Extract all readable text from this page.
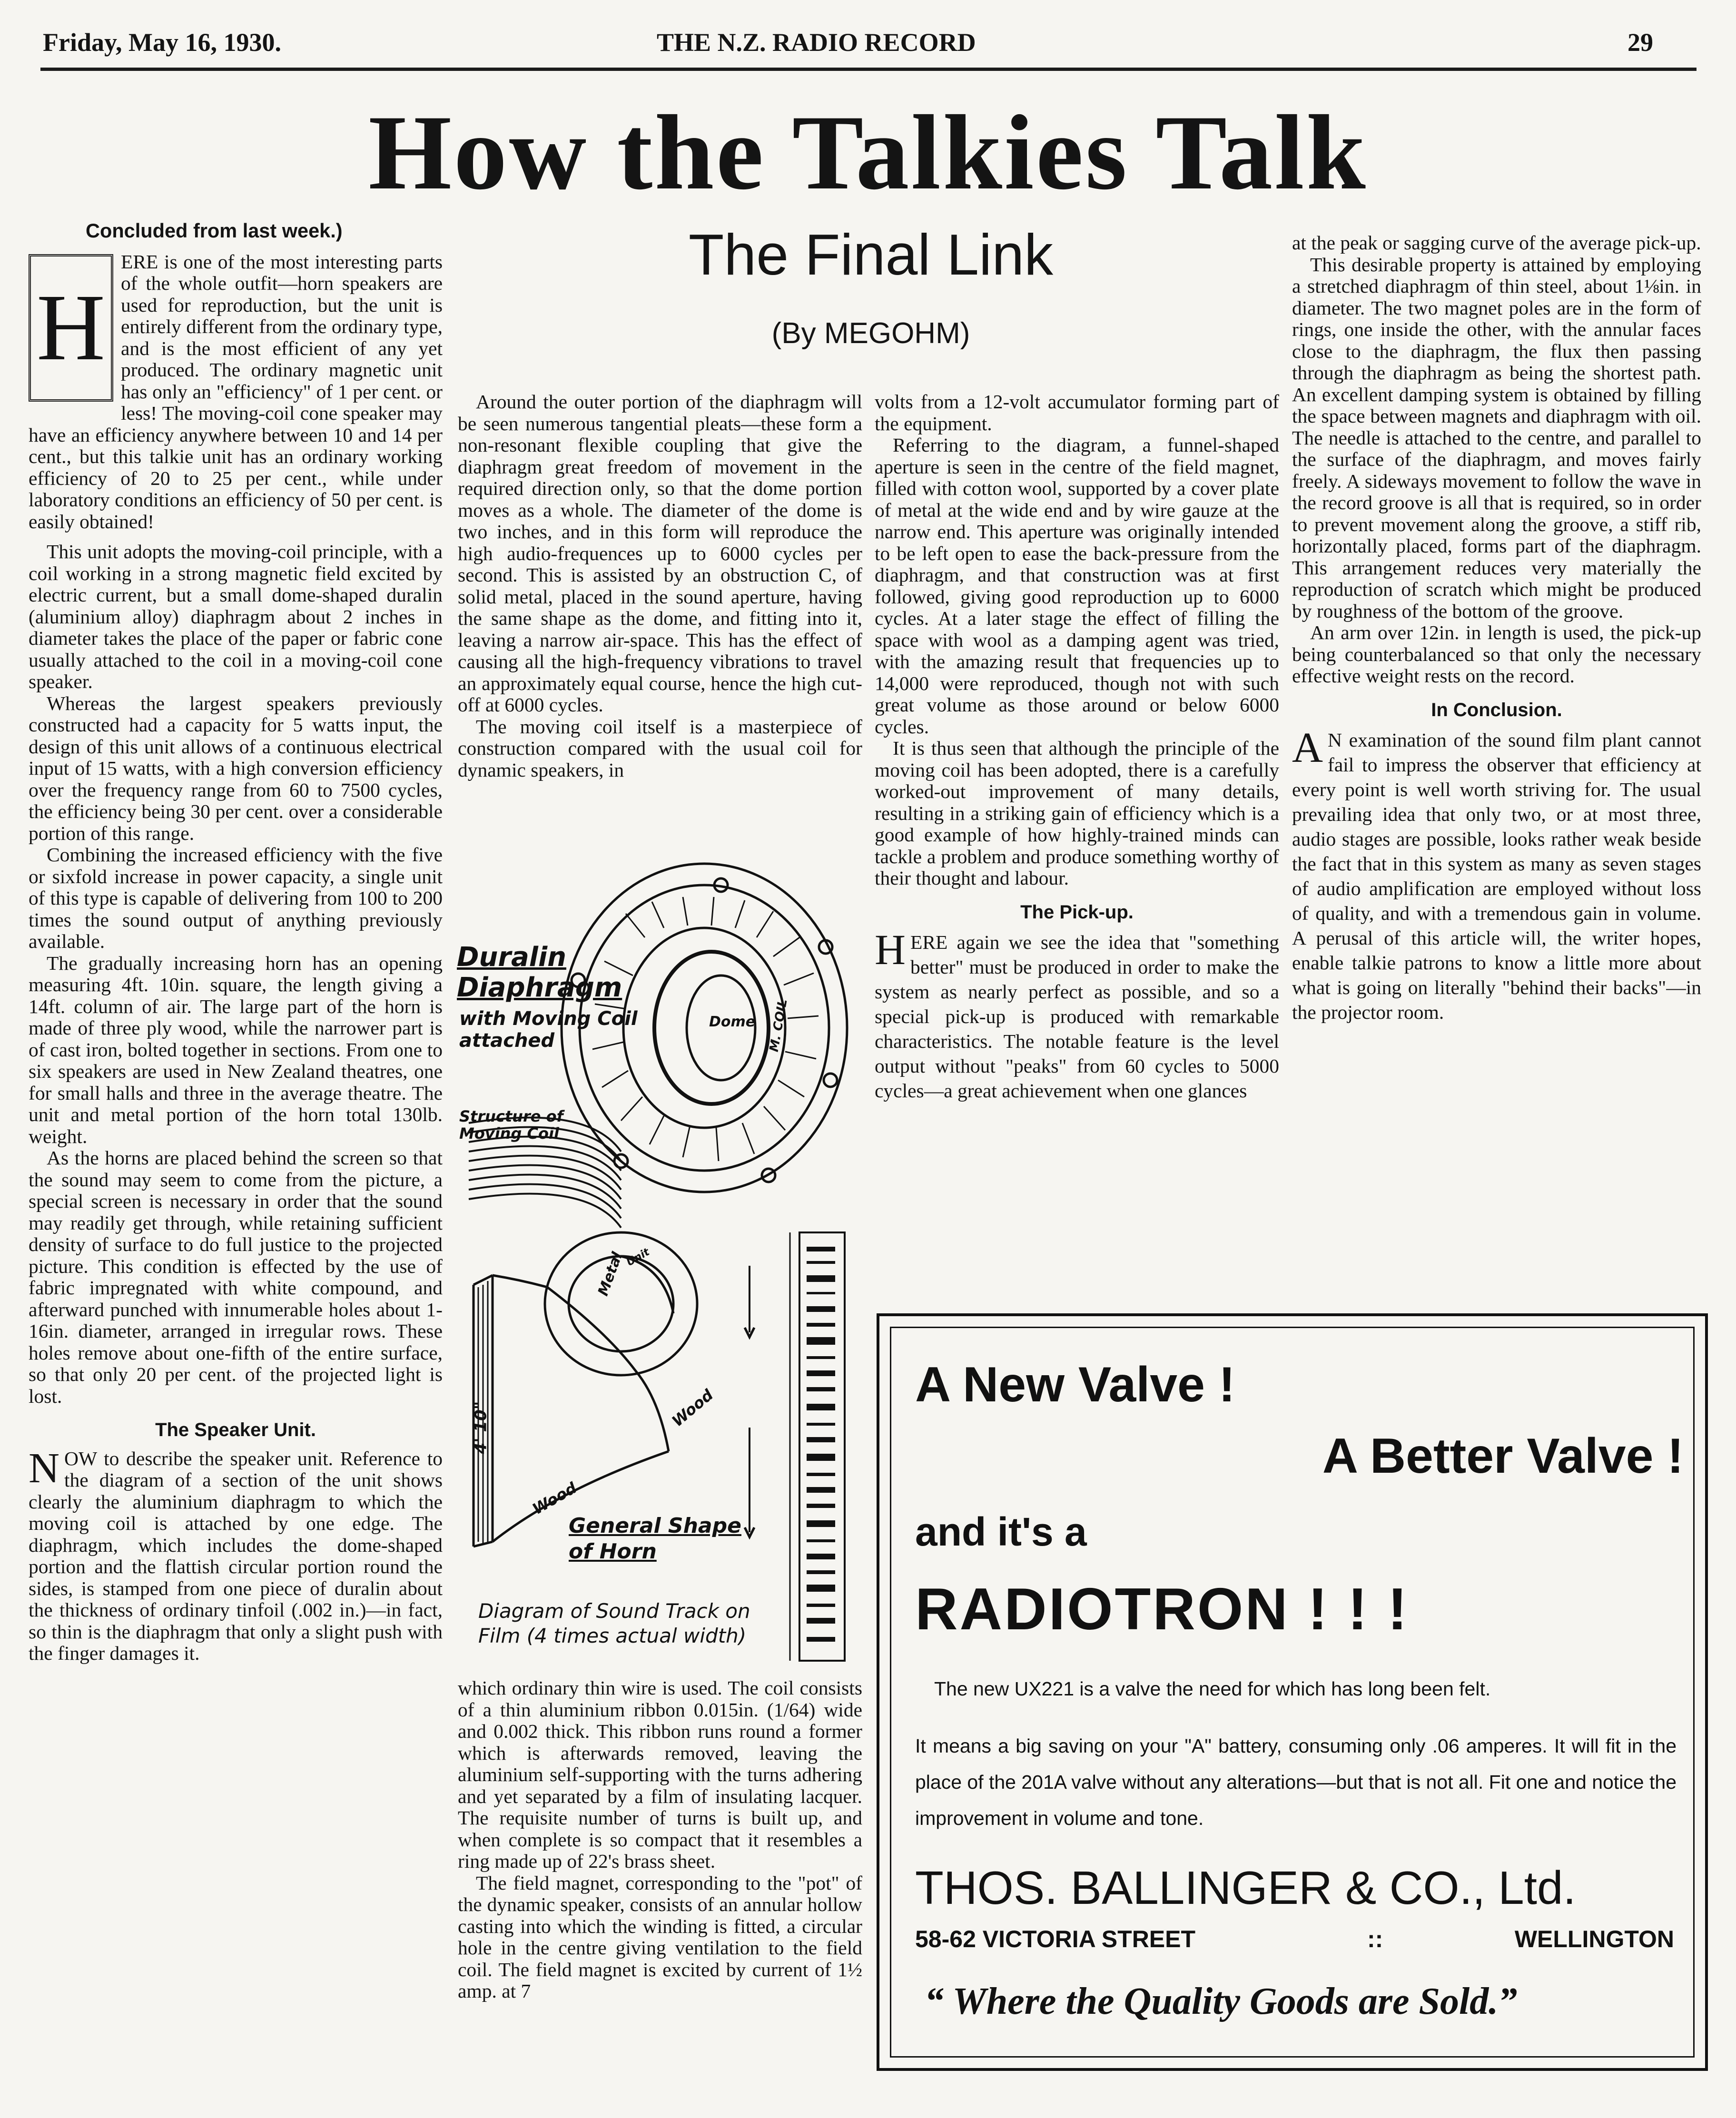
Friday, May 16, 1930.	THE N.Z. RADIO RECORD	29
How the Talkies Talk
The Final Link
(By MEGOHM)

Concluded from last week.)

H

ERE is one of the most interesting parts of the whole outfit—horn speakers are used for reproduction, but the unit is entirely different from the ordinary type, and is the most efficient of any yet produced. The ordinary magnetic unit has only an "efficiency" of 1 per cent. or less! The moving-coil cone speaker may have an efficiency anywhere between 10 and 14 per cent., but this talkie unit has an ordinary working efficiency of 20 to 25 per cent., while under laboratory conditions an efficiency of 50 per cent. is easily obtained!

This unit adopts the moving-coil principle, with a coil working in a strong magnetic field excited by electric current, but a small dome-shaped duralin (aluminium alloy) diaphragm about 2 inches in diameter takes the place of the paper or fabric cone usually attached to the coil in a moving-coil cone speaker.

Whereas the largest speakers previously constructed had a capacity for 5 watts input, the design of this unit allows of a continuous electrical input of 15 watts, with a high conversion efficiency over the frequency range from 60 to 7500 cycles, the efficiency being 30 per cent. over a considerable portion of this range.

Combining the increased efficiency with the five or sixfold increase in power capacity, a single unit of this type is capable of delivering from 100 to 200 times the sound output of anything previously available.

The gradually increasing horn has an opening measuring 4ft. 10in. square, the length giving a 14ft. column of air. The large part of the horn is made of three ply wood, while the narrower part is of cast iron, bolted together in sections. From one to six speakers are used in New Zealand theatres, one for small halls and three in the average theatre. The unit and metal portion of the horn total 130lb. weight.

As the horns are placed behind the screen so that the sound may seem to come from the picture, a special screen is necessary in order that the sound may readily get through, while retaining sufficient density of surface to do full justice to the projected picture. This condition is effected by the use of fabric impregnated with white compound, and afterward punched with innumerable holes about 1-16in. diameter, arranged in irregular rows. These holes remove about one-fifth of the entire surface, so that only 20 per cent. of the projected light is lost.

The Speaker Unit.
N OW to describe the speaker unit. Reference to the diagram of a section of the unit shows clearly the aluminium diaphragm to which the moving coil is attached by one edge. The diaphragm, which includes the dome-shaped portion and the flattish circular portion round the sides, is stamped from one piece of duralin about the thickness of ordinary tinfoil (.002 in.)—in fact, so thin is the diaphragm that only a slight push with the finger damages it.

Around the outer portion of the diaphragm will be seen numerous tangential pleats—these form a non-resonant flexible coupling that give the diaphragm great freedom of movement in the required direction only, so that the dome portion moves as a whole. The diameter of the dome is two inches, and in this form will reproduce the high audio-frequences up to 6000 cycles per second. This is assisted by an obstruction C, of solid metal, placed in the sound aperture, having the same shape as the dome, and fitting into it, leaving a narrow air-space. This has the effect of causing all the high-frequency vibrations to travel an approximately equal course, hence the high cut-off at 6000 cycles.

The moving coil itself is a masterpiece of construction compared with the usual coil for dynamic speakers, in

Duralin
Diaphragm
with Moving Coil
attached
Dome M. COIL
Structure of
Moving Coil
Metal
Unit
Wood
Wood
4' 10"
General Shape
of Horn
Diagram of Sound Track on
Film (4 times actual width)

which ordinary thin wire is used. The coil consists of a thin aluminium ribbon 0.015in. (1/64) wide and 0.002 thick. This ribbon runs round a former which is afterwards removed, leaving the aluminium self-supporting with the turns adhering and yet separated by a film of insulating lacquer. The requisite number of turns is built up, and when complete is so compact that it resembles a ring made up of 22's brass sheet.

The field magnet, corresponding to the "pot" of the dynamic speaker, consists of an annular hollow casting into which the winding is fitted, a circular hole in the centre giving ventilation to the field coil. The field magnet is excited by current of 1½ amp. at 7

volts from a 12-volt accumulator forming part of the equipment.

Referring to the diagram, a funnel-shaped aperture is seen in the centre of the field magnet, filled with cotton wool, supported by a cover plate of metal at the wide end and by wire gauze at the narrow end. This aperture was originally intended to be left open to ease the back-pressure from the diaphragm, and that construction was at first followed, giving good reproduction up to 6000 cycles. At a later stage the effect of filling the space with wool as a damping agent was tried, with the amazing result that frequencies up to 14,000 were reproduced, though not with such great volume as those around or below 6000 cycles.

It is thus seen that although the principle of the moving coil has been adopted, there is a carefully worked-out improvement of many details, resulting in a striking gain of efficiency which is a good example of how highly-trained minds can tackle a problem and produce something worthy of their thought and labour.

The Pick-up.
H ERE again we see the idea that "something better" must be produced in order to make the system as nearly perfect as possible, and so a special pick-up is produced with remarkable characteristics. The notable feature is the level output without "peaks" from 60 cycles to 5000 cycles—a great achievement when one glances

at the peak or sagging curve of the average pick-up.

This desirable property is attained by employing a stretched diaphragm of thin steel, about 1⅛in. in diameter. The two magnet poles are in the form of rings, one inside the other, with the annular faces close to the diaphragm, the flux then passing through the diaphragm as being the shortest path. An excellent damping system is obtained by filling the space between magnets and diaphragm with oil. The needle is attached to the centre, and parallel to the surface of the diaphragm, and moves fairly freely. A sideways movement to follow the wave in the record groove is all that is required, so in order to prevent movement along the groove, a stiff rib, horizontally placed, forms part of the diaphragm. This arrangement reduces very materially the reproduction of scratch which might be produced by roughness of the bottom of the groove.

An arm over 12in. in length is used, the pick-up being counterbalanced so that only the necessary effective weight rests on the record.

In Conclusion.
A N examination of the sound film plant cannot fail to impress the observer that efficiency at every point is well worth striving for. The usual prevailing idea that only two, or at most three, audio stages are possible, looks rather weak beside the fact that in this system as many as seven stages of audio amplification are employed without loss of quality, and with a tremendous gain in volume. A perusal of this article will, the writer hopes, enable talkie patrons to know a little more about what is going on literally "behind their backs"—in the projector room.

A New Valve !
A Better Valve !
and it's a
RADIOTRON ! ! !
The new UX221 is a valve the need for which has long been felt.
It means a big saving on your "A" battery, consuming only .06 amperes. It will fit in the place of the 201A valve without any alterations—but that is not all. Fit one and notice the improvement in volume and tone.
THOS. BALLINGER & CO., Ltd.
58-62 VICTORIA STREET	::	WELLINGTON
“ Where the Quality Goods are Sold.”
